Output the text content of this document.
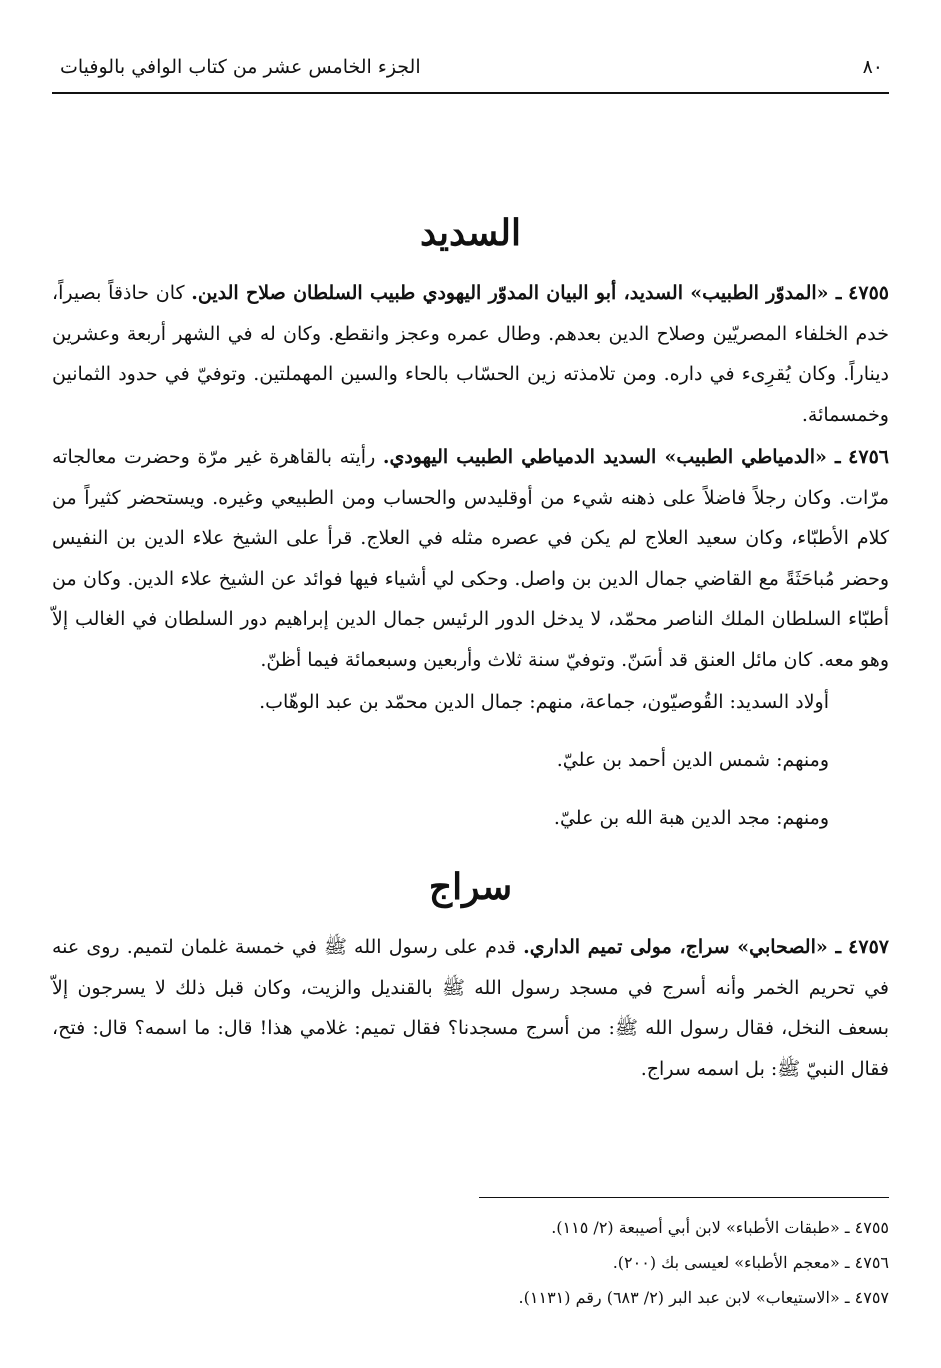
٨٠
الجزء الخامس عشر من كتاب الوافي بالوفيات
السديد

٤٧٥٥ ـ «المدوّر الطبيب» السديد، أبو البيان المدوّر اليهودي طبيب السلطان صلاح الدين. كان حاذقاً بصيراً، خدم الخلفاء المصريّين وصلاح الدين بعدهم. وطال عمره وعجز وانقطع. وكان له في الشهر أربعة وعشرين ديناراً. وكان يُقرِىء في داره. ومن تلامذته زين الحسّاب بالحاء والسين المهملتين. وتوفيّ في حدود الثمانين وخمسمائة.

٤٧٥٦ ـ «الدمياطي الطبيب» السديد الدمياطي الطبيب اليهودي. رأيته بالقاهرة غير مرّة وحضرت معالجاته مرّات. وكان رجلاً فاضلاً على ذهنه شيء من أوقليدس والحساب ومن الطبيعي وغيره. ويستحضر كثيراً من كلام الأطبّاء، وكان سعيد العلاج لم يكن في عصره مثله في العلاج. قرأ على الشيخ علاء الدين بن النفيس وحضر مُباحَثَةً مع القاضي جمال الدين بن واصل. وحكى لي أشياء فيها فوائد عن الشيخ علاء الدين. وكان من أطبّاء السلطان الملك الناصر محمّد، لا يدخل الدور الرئيس جمال الدين إبراهيم دور السلطان في الغالب إلاّ وهو معه. كان مائل العنق قد أسَنّ. وتوفيّ سنة ثلاث وأربعين وسبعمائة فيما أظنّ.

أولاد السديد: القُوصيّون، جماعة، منهم: جمال الدين محمّد بن عبد الوهّاب.

ومنهم: شمس الدين أحمد بن عليّ.

ومنهم: مجد الدين هبة الله بن عليّ.

سراج

٤٧٥٧ ـ «الصحابي» سراج، مولى تميم الداري. قدم على رسول الله ﷺ في خمسة غلمان لتميم. روى عنه في تحريم الخمر وأنه أسرج في مسجد رسول الله ﷺ بالقنديل والزيت، وكان قبل ذلك لا يسرجون إلاّ بسعف النخل، فقال رسول الله ﷺ: من أسرج مسجدنا؟ فقال تميم: غلامي هذا! قال: ما اسمه؟ قال: فتح، فقال النبيّ ﷺ: بل اسمه سراج.

٤٧٥٥ ـ «طبقات الأطباء» لابن أبي أصيبعة (٢/ ١١٥).

٤٧٥٦ ـ «معجم الأطباء» لعيسى بك (٢٠٠).

٤٧٥٧ ـ «الاستيعاب» لابن عبد البر (٢/ ٦٨٣) رقم (١١٣١).
